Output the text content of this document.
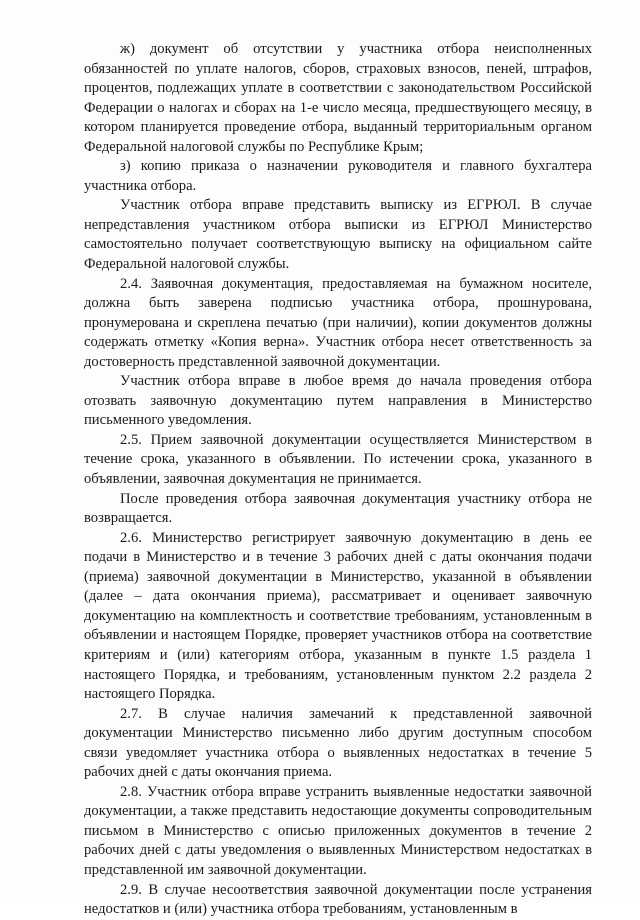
ж) документ об отсутствии у участника отбора неисполненных обязанностей по уплате налогов, сборов, страховых взносов, пеней, штрафов, процентов, подлежащих уплате в соответствии с законодательством Российской Федерации о налогах и сборах на 1-е число месяца, предшествующего месяцу, в котором планируется проведение отбора, выданный территориальным органом Федеральной налоговой службы по Республике Крым;

з) копию приказа о назначении руководителя и главного бухгалтера участника отбора.

Участник отбора вправе представить выписку из ЕГРЮЛ. В случае непредставления участником отбора выписки из ЕГРЮЛ Министерство самостоятельно получает соответствующую выписку на официальном сайте Федеральной налоговой службы.

2.4. Заявочная документация, предоставляемая на бумажном носителе, должна быть заверена подписью участника отбора, прошнурована, пронумерована и скреплена печатью (при наличии), копии документов должны содержать отметку «Копия верна». Участник отбора несет ответственность за достоверность представленной заявочной документации.

Участник отбора вправе в любое время до начала проведения отбора отозвать заявочную документацию путем направления в Министерство письменного уведомления.

2.5. Прием заявочной документации осуществляется Министерством в течение срока, указанного в объявлении. По истечении срока, указанного в объявлении, заявочная документация не принимается.

После проведения отбора заявочная документация участнику отбора не возвращается.

2.6. Министерство регистрирует заявочную документацию в день ее подачи в Министерство и в течение 3 рабочих дней с даты окончания подачи (приема) заявочной документации в Министерство, указанной в объявлении (далее – дата окончания приема), рассматривает и оценивает заявочную документацию на комплектность и соответствие требованиям, установленным в объявлении и настоящем Порядке, проверяет участников отбора на соответствие критериям и (или) категориям отбора, указанным в пункте 1.5 раздела 1 настоящего Порядка, и требованиям, установленным пунктом 2.2 раздела 2 настоящего Порядка.

2.7. В случае наличия замечаний к представленной заявочной документации Министерство письменно либо другим доступным способом связи уведомляет участника отбора о выявленных недостатках в течение 5 рабочих дней с даты окончания приема.

2.8. Участник отбора вправе устранить выявленные недостатки заявочной документации, а также представить недостающие документы сопроводительным письмом в Министерство с описью приложенных документов в течение 2 рабочих дней с даты уведомления о выявленных Министерством недостатках в представленной им заявочной документации.

2.9. В случае несоответствия заявочной документации после устранения недостатков и (или) участника отбора требованиям, установленным в
